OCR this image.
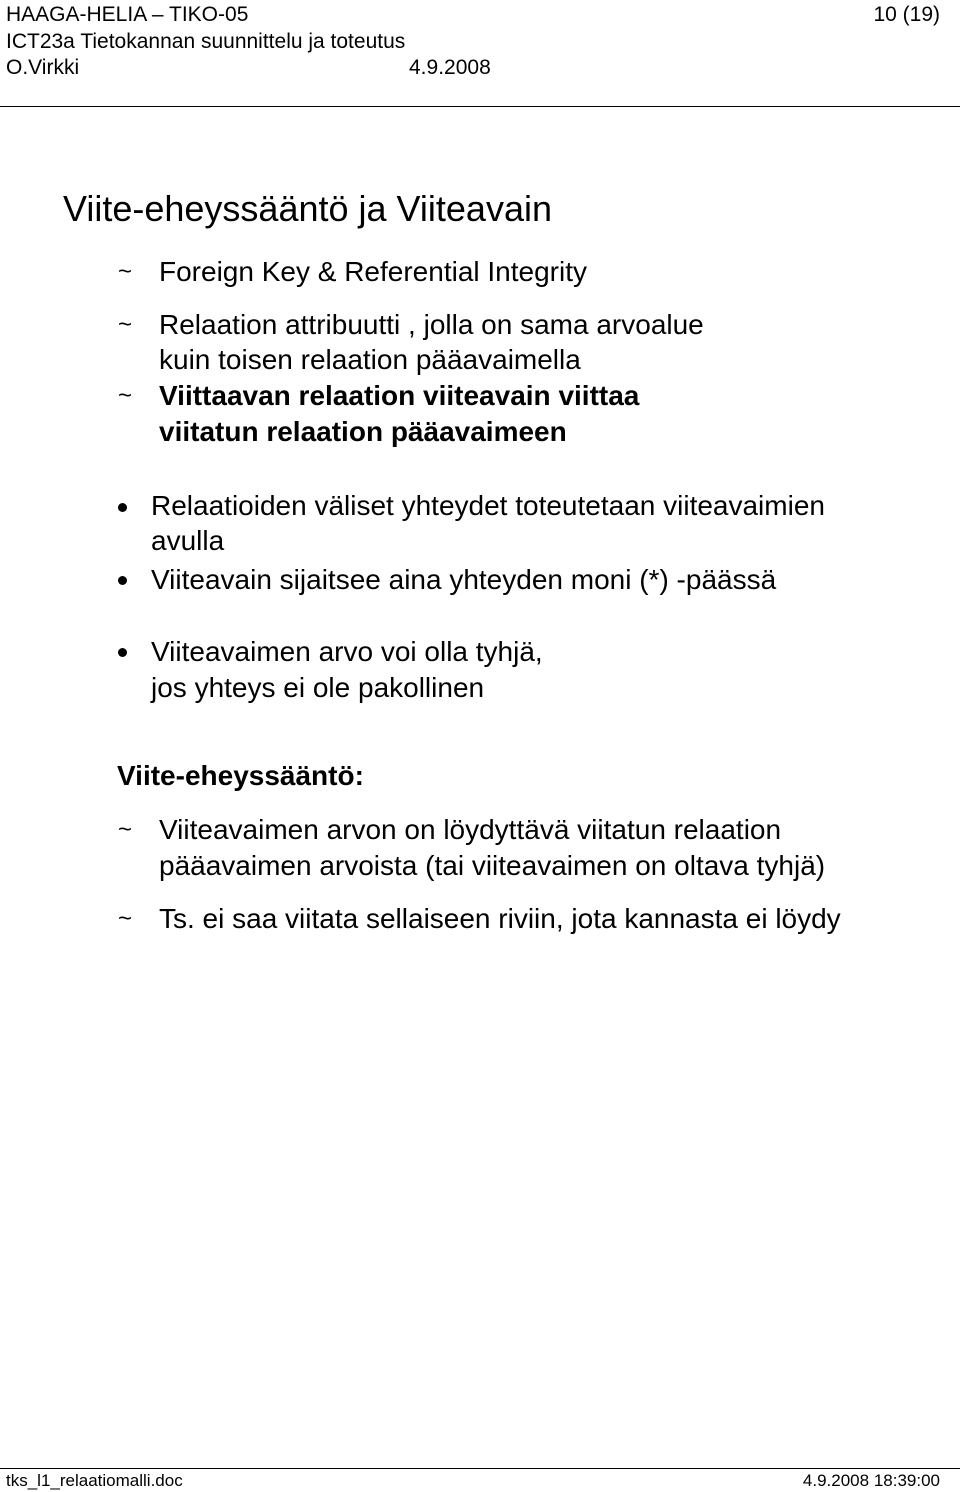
HAAGA-HELIA – TIKO-05	10 (19)
ICT23a Tietokannan suunnittelu ja toteutus
O.Virkki	4.9.2008
Viite-eheyssääntö ja Viiteavain
~ Foreign Key & Referential Integrity
~ Relaation attribuutti , jolla on sama arvoalue
kuin toisen relaation pääavaimella
~ Viittaavan relaation viiteavain viittaa
viitatun relaation pääavaimeen
Relaatioiden väliset yhteydet toteutetaan viiteavaimien
avulla
Viiteavain sijaitsee aina yhteyden moni (*) -päässä
Viiteavaimen arvo voi olla tyhjä,
jos yhteys ei ole pakollinen
Viite-eheyssääntö:
~ Viiteavaimen arvon on löydyttävä viitatun relaation
pääavaimen arvoista (tai viiteavaimen on oltava tyhjä)
~ Ts. ei saa viitata sellaiseen riviin, jota kannasta ei löydy
tks_l1_relaatiomalli.doc	4.9.2008 18:39:00
